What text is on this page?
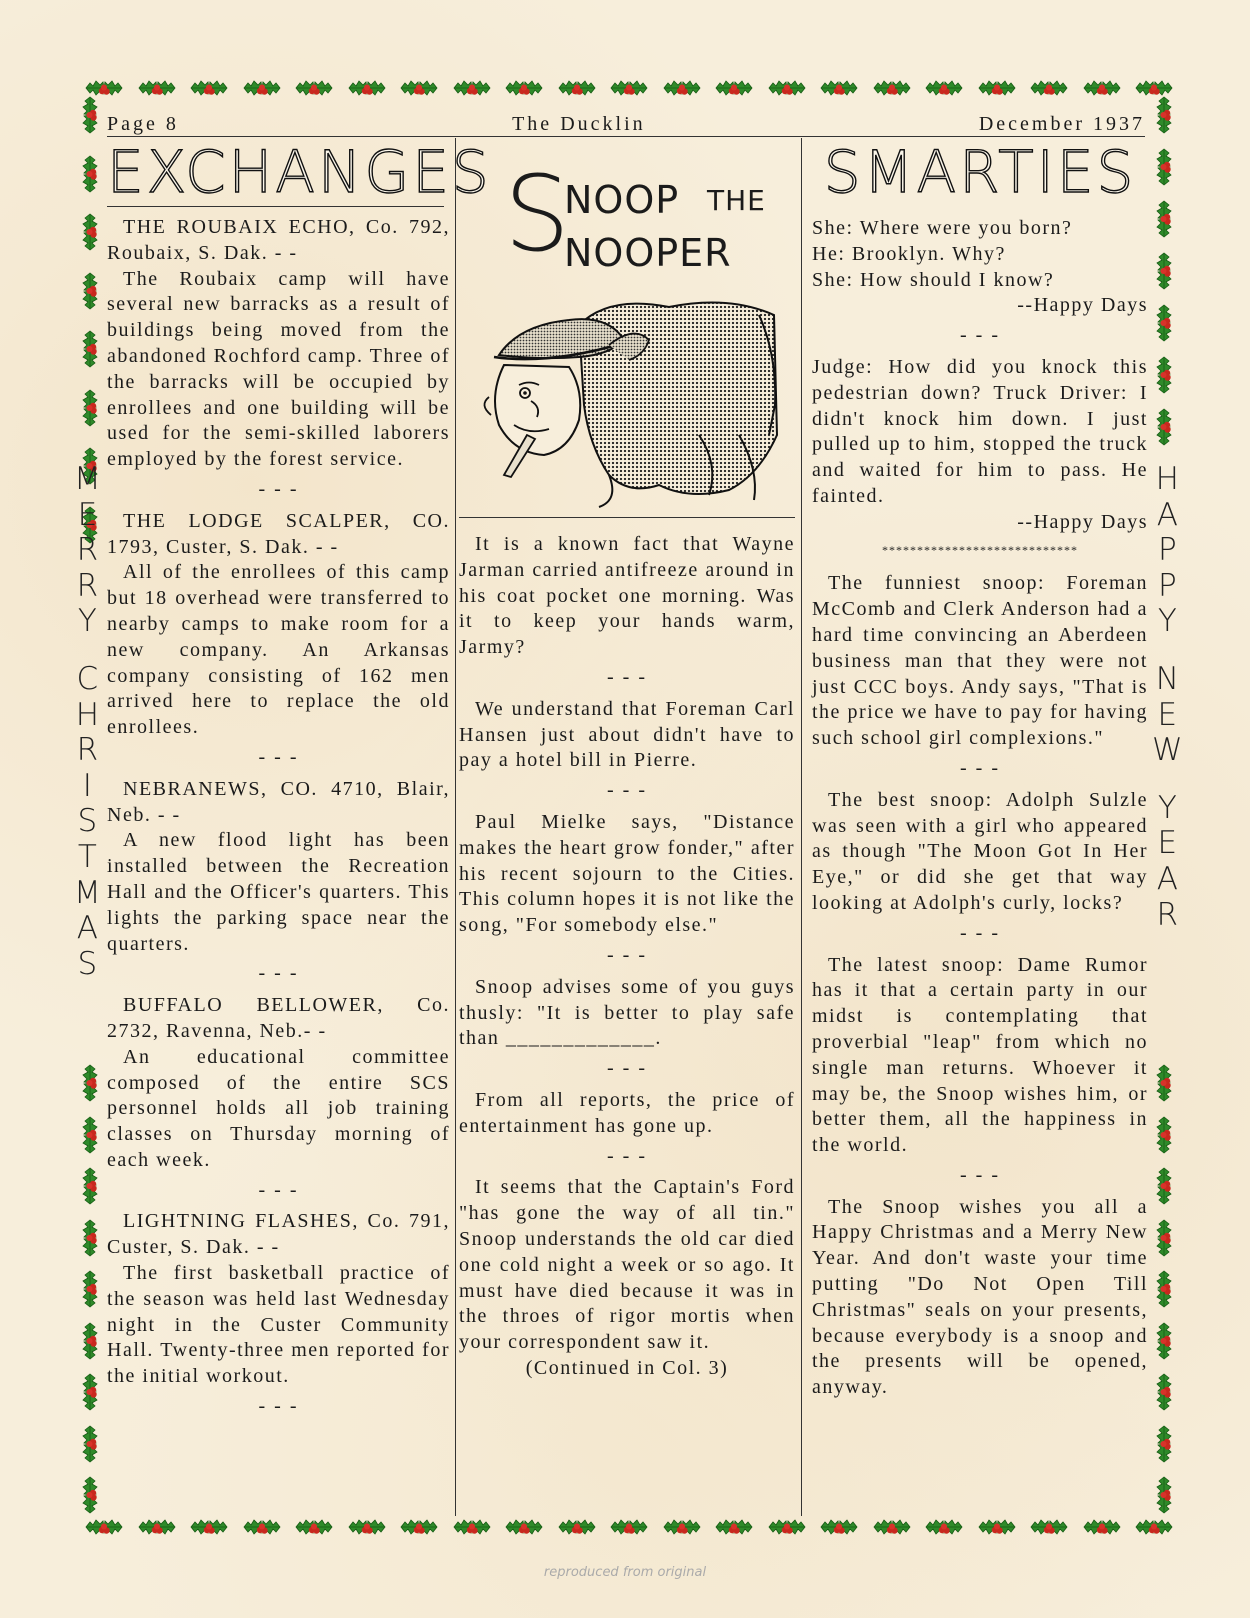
M
E
R
R
Y
C
H
R
I
S
T
M
A
S
H
A
P
P
Y
N
E
W
Y
E
A
R
Page 8	The Ducklin	December 1937
EXCHANGES

THE ROUBAIX ECHO, Co. 792, Roubaix, S. Dak. - -

The Roubaix camp will have several new barracks as a result of buildings being moved from the abandoned Rochford camp. Three of the barracks will be occupied by enrollees and one building will be used for the semi-skilled laborers employed by the forest service.

- - -

THE LODGE SCALPER, CO. 1793, Custer, S. Dak. - -

All of the enrollees of this camp but 18 overhead were transferred to nearby camps to make room for a new company. An Arkansas company consisting of 162 men arrived here to replace the old enrollees.

- - -

NEBRANEWS, CO. 4710, Blair, Neb. - -

A new flood light has been installed between the Recreation Hall and the Officer's quarters. This lights the parking space near the quarters.

- - -

BUFFALO BELLOWER, Co. 2732, Ravenna, Neb.- -

An educational committee composed of the entire SCS personnel holds all job training classes on Thursday morning of each week.

- - -

LIGHTNING FLASHES, Co. 791, Custer, S. Dak. - -

The first basketball practice of the season was held last Wednesday night in the Custer Community Hall. Twenty-three men reported for the initial workout.

- - -
S
NOOP
NOOPER
THE

It is a known fact that Wayne Jarman carried antifreeze around in his coat pocket one morning. Was it to keep your hands warm, Jarmy?

- - -

We understand that Foreman Carl Hansen just about didn't have to pay a hotel bill in Pierre.

- - -

Paul Mielke says, "Distance makes the heart grow fonder," after his recent sojourn to the Cities. This column hopes it is not like the song, "For somebody else."

- - -

Snoop advises some of you guys thusly: "It is better to play safe than _____________.

- - -

From all reports, the price of entertainment has gone up.

- - -

It seems that the Captain's Ford "has gone the way of all tin." Snoop understands the old car died one cold night a week or so ago. It must have died because it was in the throes of rigor mortis when your correspondent saw it.

(Continued in Col. 3)
SMARTIES

She: Where were you born?

He: Brooklyn. Why?

She: How should I know?

--Happy Days

- - -

Judge: How did you knock this pedestrian down? Truck Driver: I didn't knock him down. I just pulled up to him, stopped the truck and waited for him to pass. He fainted.

--Happy Days

****************************

The funniest snoop: Foreman McComb and Clerk Anderson had a hard time convincing an Aberdeen business man that they were not just CCC boys. Andy says, "That is the price we have to pay for having such school girl complexions."

- - -

The best snoop: Adolph Sulzle was seen with a girl who appeared as though "The Moon Got In Her Eye," or did she get that way looking at Adolph's curly, locks?

- - -

The latest snoop: Dame Rumor has it that a certain party in our midst is contemplating that proverbial "leap" from which no single man returns. Whoever it may be, the Snoop wishes him, or better them, all the happiness in the world.

- - -

The Snoop wishes you all a Happy Christmas and a Merry New Year. And don't waste your time putting "Do Not Open Till Christmas" seals on your presents, because everybody is a snoop and the presents will be opened, anyway.

reproduced from original
